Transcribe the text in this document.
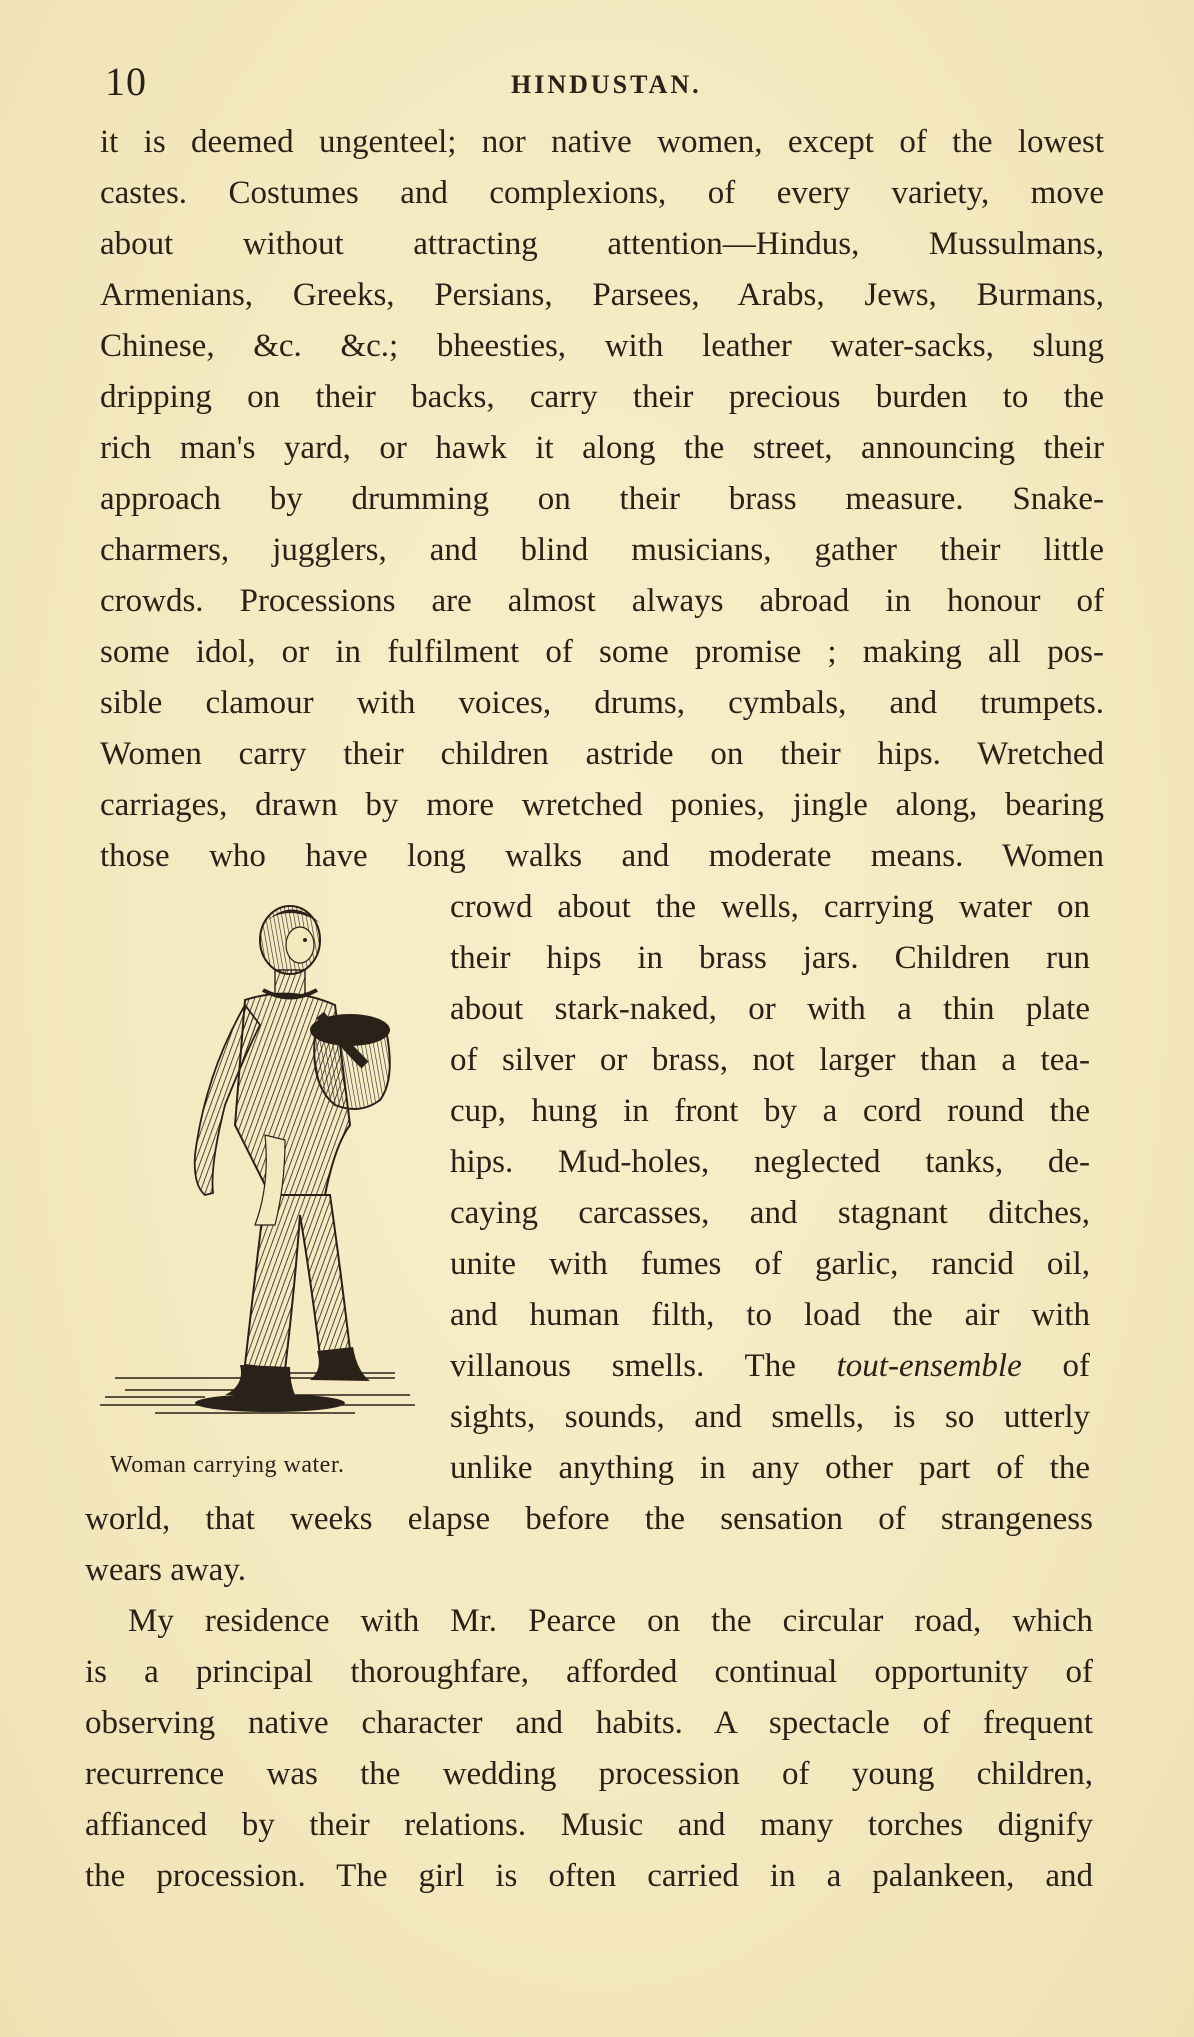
10	HINDUSTAN.
it is deemed ungenteel; nor native women, except of the lowest
castes. Costumes and complexions, of every variety, move
about without attracting attention—Hindus, Mussulmans,
Armenians, Greeks, Persians, Parsees, Arabs, Jews, Burmans,
Chinese, &c. &c.; bheesties, with leather water-sacks, slung
dripping on their backs, carry their precious burden to the
rich man's yard, or hawk it along the street, announcing their
approach by drumming on their brass measure. Snake-
charmers, jugglers, and blind musicians, gather their little
crowds. Processions are almost always abroad in honour of
some idol, or in fulfilment of some promise ; making all pos-
sible clamour with voices, drums, cymbals, and trumpets.
Women carry their children astride on their hips. Wretched
carriages, drawn by more wretched ponies, jingle along, bearing
those who have long walks and moderate means. Women
Woman carrying water.
crowd about the wells, carrying water on
their hips in brass jars. Children run
about stark-naked, or with a thin plate
of silver or brass, not larger than a tea-
cup, hung in front by a cord round the
hips. Mud-holes, neglected tanks, de-
caying carcasses, and stagnant ditches,
unite with fumes of garlic, rancid oil,
and human filth, to load the air with
villanous smells. The tout-ensemble of
sights, sounds, and smells, is so utterly
unlike anything in any other part of the
world, that weeks elapse before the sensation of strangeness
wears away.
My residence with Mr. Pearce on the circular road, which
is a principal thoroughfare, afforded continual opportunity of
observing native character and habits. A spectacle of frequent
recurrence was the wedding procession of young children,
affianced by their relations. Music and many torches dignify
the procession. The girl is often carried in a palankeen, and
